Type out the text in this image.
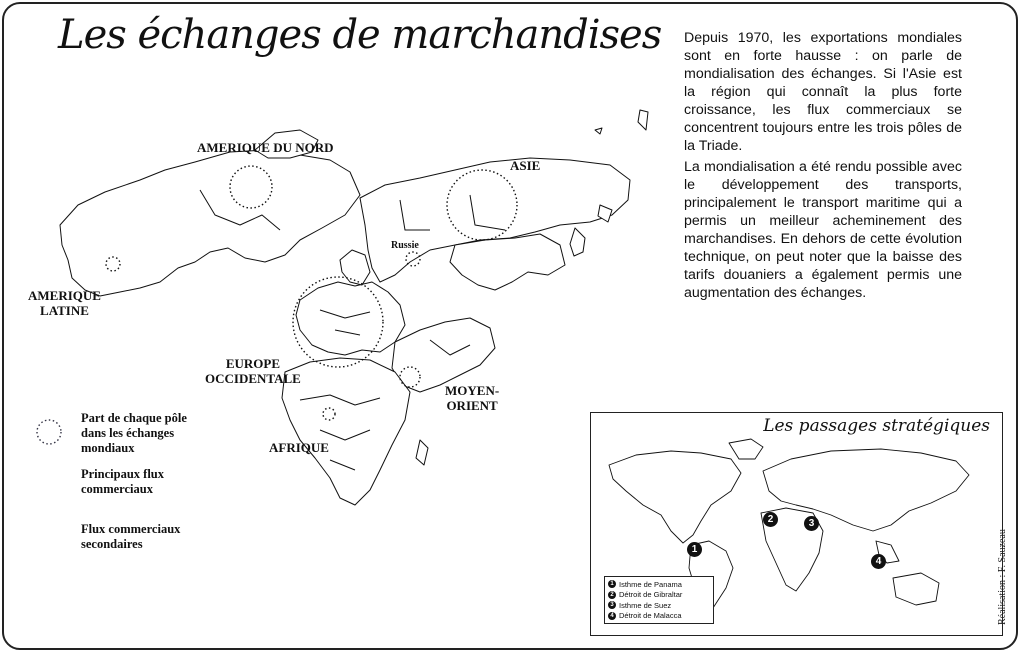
Les échanges de marchandises Depuis 1970, les exportations mondiales sont en forte hausse : on parle de mondialisation des échanges. Si l'Asie est la région qui connaît la plus forte croissance, les flux commerciaux se concentrent toujours entre les trois pôles de la Triade.

La mondialisation a été rendu possible avec le développement des transports, principalement le transport maritime qui a permis un meilleur acheminement des marchandises. En dehors de cette évolution technique, on peut noter que la baisse des tarifs douaniers a également permis une augmentation des échanges.

AMERIQUE DU NORD
ASIE
Russie
AMERIQUE
LATINE
EUROPE
OCCIDENTALE
MOYEN-
ORIENT
AFRIQUE
Part de chaque pôle
dans les échanges
mondiaux
Principaux flux
commerciaux
Flux commerciaux
secondaires
Les passages stratégiques
1
2	3
4
1 Isthme de Panama
2 Détroit de Gibraltar
3 Isthme de Suez
4 Détroit de Malacca	Réalisation : F. Sauzeau
